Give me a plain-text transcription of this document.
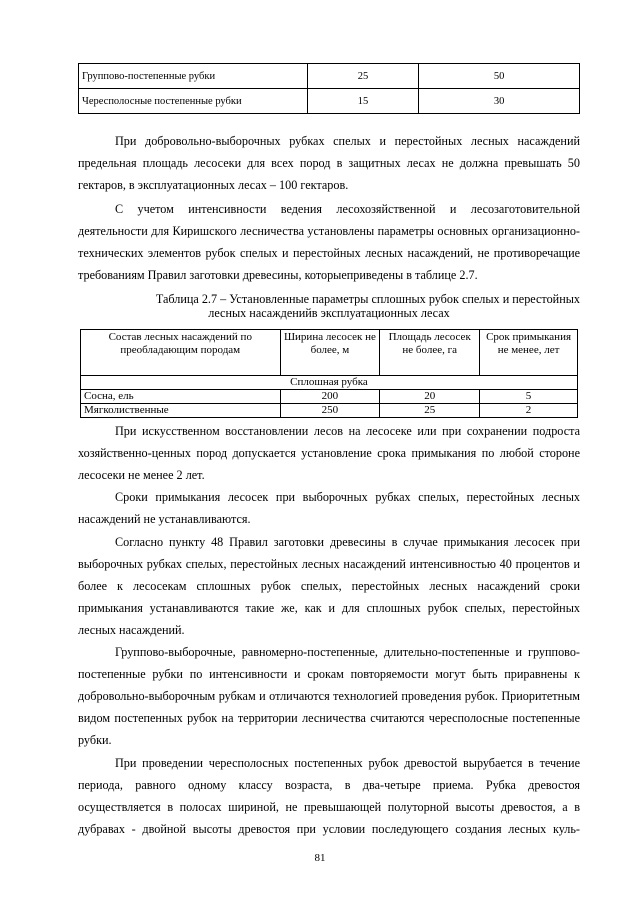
Группово-постепенные рубки	25	50
Чересполосные постепенные рубки	15	30

При добровольно-выборочных рубках спелых и перестойных лесных насаждений предельная площадь лесосеки для всех пород в защитных лесах не должна превышать 50 гектаров, в эксплуатационных лесах – 100 гектаров.

С учетом интенсивности ведения лесохозяйственной и лесозаготовительной деятельности для Киришского лесничества установлены параметры основных организационно-технических элементов рубок спелых и перестойных лесных насаждений, не противоречащие требованиям Правил заготовки древесины, которыеприведены в таблице 2.7.

Таблица 2.7 – Установленные параметры сплошных рубок спелых и перестойных
лесных насажденийв эксплуатационных лесах
Состав лесных насаждений по преобладающим породам	Ширина лесосек не более, м	Площадь лесосек не более, га	Срок примыкания не менее, лет
Сплошная рубка			
Сосна, ель	200	20	5
Мягколиственные	250	25	2

При искусственном восстановлении лесов на лесосеке или при сохранении подроста хозяйственно-ценных пород допускается установление срока примыкания по любой стороне лесосеки не менее 2 лет.

Сроки примыкания лесосек при выборочных рубках спелых, перестойных лесных насаждений не устанавливаются.

Согласно пункту 48 Правил заготовки древесины в случае примыкания лесосек при выборочных рубках спелых, перестойных лесных насаждений интенсивностью 40 процентов и более к лесосекам сплошных рубок спелых, перестойных лесных насаждений сроки примыкания устанавливаются такие же, как и для сплошных рубок спелых, перестойных лесных насаждений.

Группово-выборочные, равномерно-постепенные, длительно-постепенные и группово-постепенные рубки по интенсивности и срокам повторяемости могут быть приравнены к добровольно-выборочным рубкам и отличаются технологией проведения рубок. Приоритетным видом постепенных рубок на территории лесничества считаются чересполосные постепенные рубки.

При проведении чересполосных постепенных рубок древостой вырубается в течение периода, равного одному классу возраста, в два-четыре приема. Рубка древостоя осуществляется в полосах шириной, не превышающей полуторной высоты древостоя, а в дубравах - двойной высоты древостоя при условии последующего создания лесных куль-

81
